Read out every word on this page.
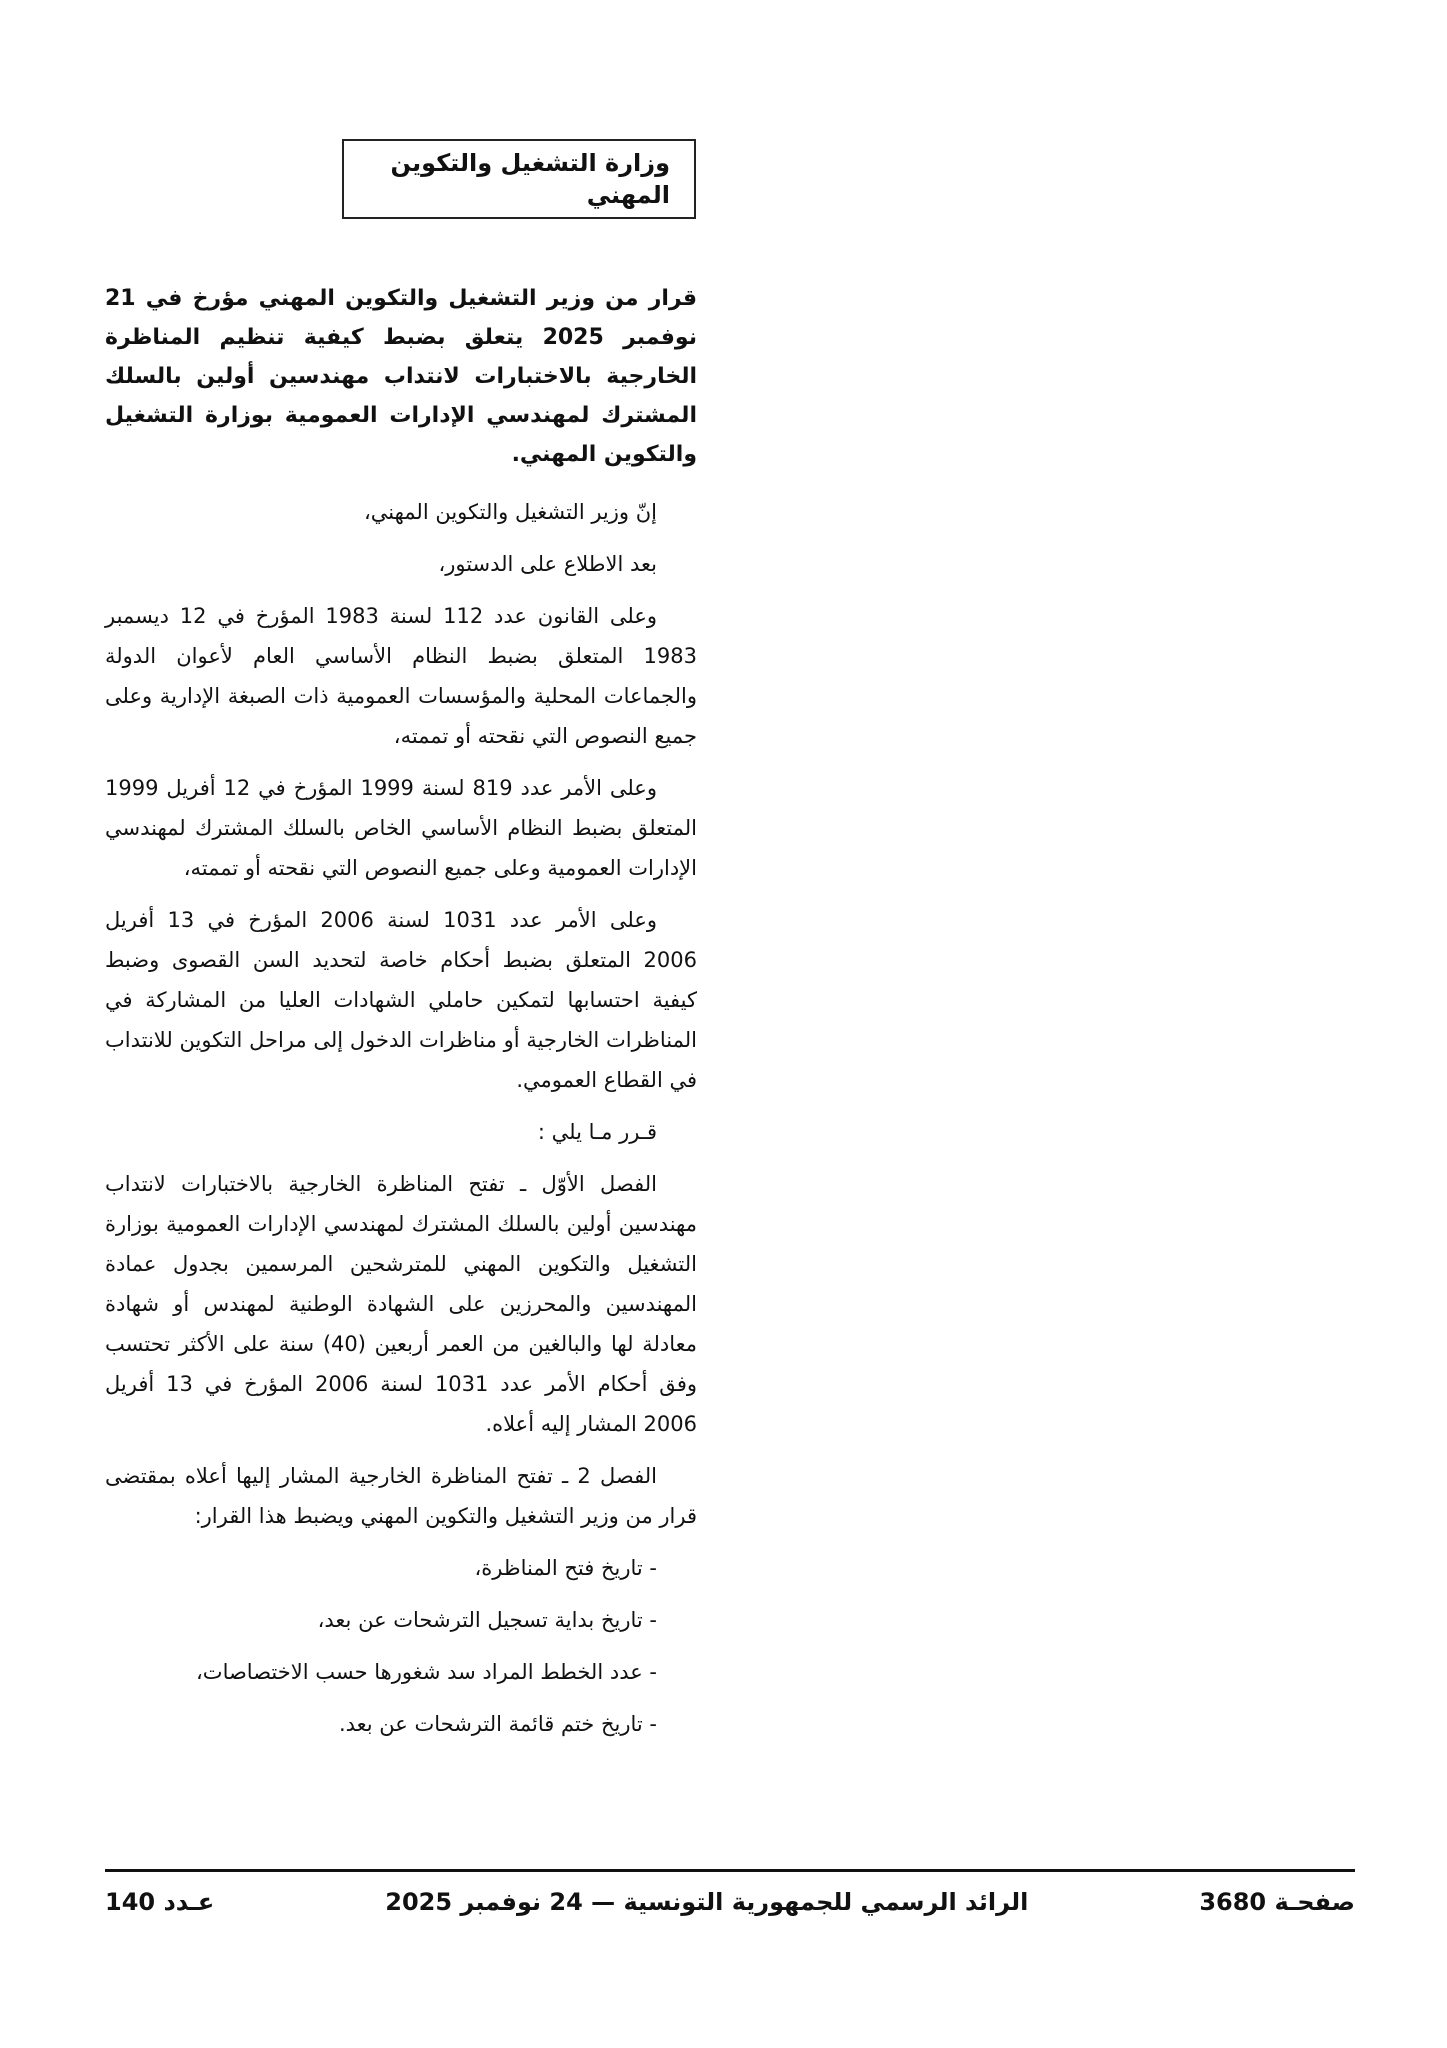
وزارة التشغيل والتكوين المهني
قرار من وزير التشغيل والتكوين المهني مؤرخ في 21 نوفمبر 2025 يتعلق بضبط كيفية تنظيم المناظرة الخارجية بالاختبارات لانتداب مهندسين أولين بالسلك المشترك لمهندسي الإدارات العمومية بوزارة التشغيل والتكوين المهني.
إنّ وزير التشغيل والتكوين المهني،
بعد الاطلاع على الدستور،
وعلى القانون عدد 112 لسنة 1983 المؤرخ في 12 ديسمبر 1983 المتعلق بضبط النظام الأساسي العام لأعوان الدولة والجماعات المحلية والمؤسسات العمومية ذات الصبغة الإدارية وعلى جميع النصوص التي نقحته أو تممته،
وعلى الأمر عدد 819 لسنة 1999 المؤرخ في 12 أفريل 1999 المتعلق بضبط النظام الأساسي الخاص بالسلك المشترك لمهندسي الإدارات العمومية وعلى جميع النصوص التي نقحته أو تممته،
وعلى الأمر عدد 1031 لسنة 2006 المؤرخ في 13 أفريل 2006 المتعلق بضبط أحكام خاصة لتحديد السن القصوى وضبط كيفية احتسابها لتمكين حاملي الشهادات العليا من المشاركة في المناظرات الخارجية أو مناظرات الدخول إلى مراحل التكوين للانتداب في القطاع العمومي.
قـرر مـا يلي :
الفصل الأوّل ـ تفتح المناظرة الخارجية بالاختبارات لانتداب مهندسين أولين بالسلك المشترك لمهندسي الإدارات العمومية بوزارة التشغيل والتكوين المهني للمترشحين المرسمين بجدول عمادة المهندسين والمحرزين على الشهادة الوطنية لمهندس أو شهادة معادلة لها والبالغين من العمر أربعين (40) سنة على الأكثر تحتسب وفق أحكام الأمر عدد 1031 لسنة 2006 المؤرخ في 13 أفريل 2006 المشار إليه أعلاه.
الفصل 2 ـ تفتح المناظرة الخارجية المشار إليها أعلاه بمقتضى قرار من وزير التشغيل والتكوين المهني ويضبط هذا القرار:
- تاريخ فتح المناظرة،
- تاريخ بداية تسجيل الترشحات عن بعد،
- عدد الخطط المراد سد شغورها حسب الاختصاصات،
- تاريخ ختم قائمة الترشحات عن بعد.
عـدد 140	الرائد الرسمي للجمهورية التونسية — 24 نوفمبر 2025	صفحـة 3680
